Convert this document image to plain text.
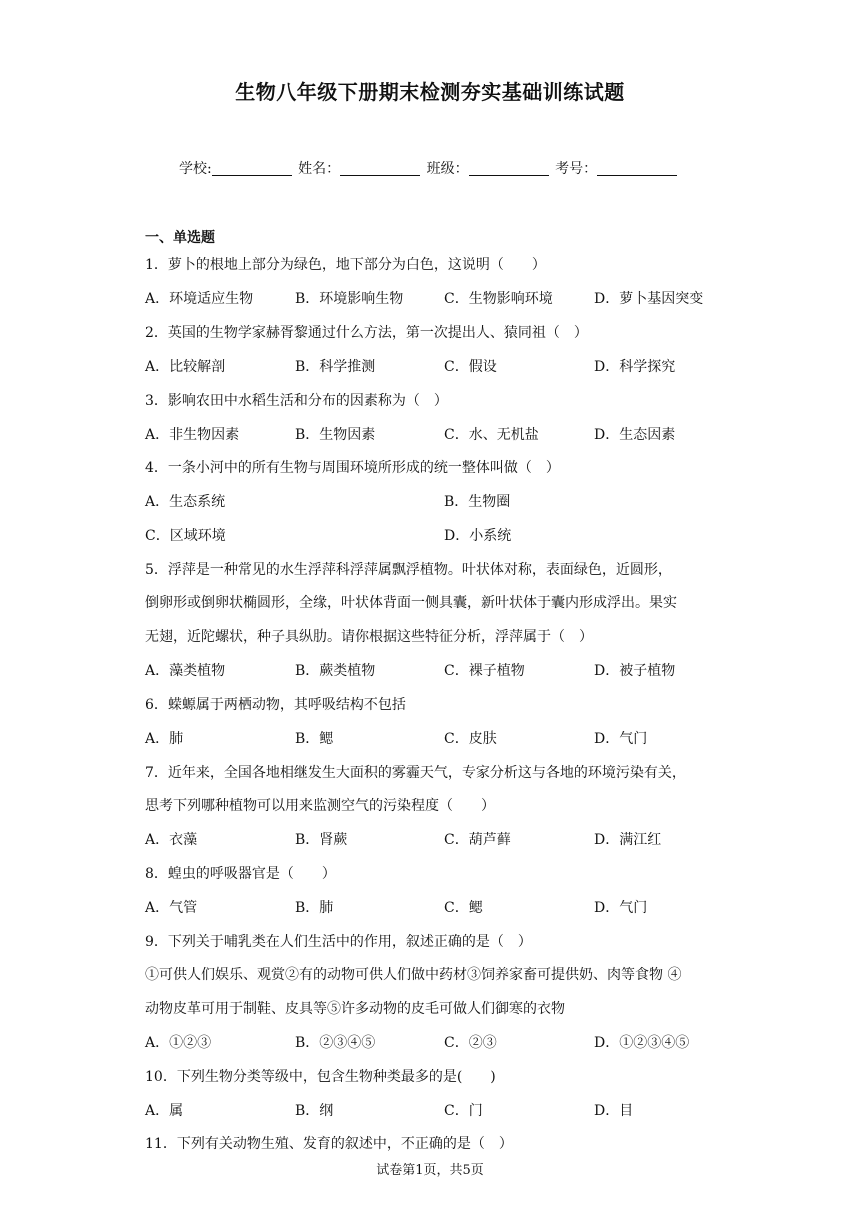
生物八年级下册期末检测夯实基础训练试题
学校:	姓名：	班级：	考号：
一、单选题
1．萝卜的根地上部分为绿色，地下部分为白色，这说明（　　）
A．环境适应生物	B．环境影响生物	C．生物影响环境	D．萝卜基因突变
2．英国的生物学家赫胥黎通过什么方法，第一次提出人、猿同祖（　）
A．比较解剖	B．科学推测	C．假设	D．科学探究
3．影响农田中水稻生活和分布的因素称为（　）
A．非生物因素	B．生物因素	C．水、无机盐	D．生态因素
4．一条小河中的所有生物与周围环境所形成的统一整体叫做（　）
A．生态系统	B．生物圈
C．区域环境	D．小系统
5．浮萍是一种常见的水生浮萍科浮萍属飘浮植物。叶状体对称，表面绿色，近圆形，
倒卵形或倒卵状椭圆形，全缘，叶状体背面一侧具囊，新叶状体于囊内形成浮出。果实
无翅，近陀螺状，种子具纵肋。请你根据这些特征分析，浮萍属于（　）
A．藻类植物	B．蕨类植物	C．裸子植物	D．被子植物
6．蝾螈属于两栖动物，其呼吸结构不包括
A．肺	B．鳃	C．皮肤	D．气门
7．近年来，全国各地相继发生大面积的雾霾天气，专家分析这与各地的环境污染有关，
思考下列哪种植物可以用来监测空气的污染程度（　　）
A．衣藻	B．肾蕨	C．葫芦藓	D．满江红
8．蝗虫的呼吸器官是（　　）
A．气管	B．肺	C．鳃	D．气门
9．下列关于哺乳类在人们生活中的作用，叙述正确的是（　）
①可供人们娱乐、观赏②有的动物可供人们做中药材③饲养家畜可提供奶、肉等食物 ④
动物皮革可用于制鞋、皮具等⑤许多动物的皮毛可做人们御寒的衣物
A．①②③	B．②③④⑤	C．②③	D．①②③④⑤
10．下列生物分类等级中，包含生物种类最多的是(　　)
A．属	B．纲	C．门	D．目
11．下列有关动物生殖、发育的叙述中，不正确的是（　）
试卷第1页，共5页
